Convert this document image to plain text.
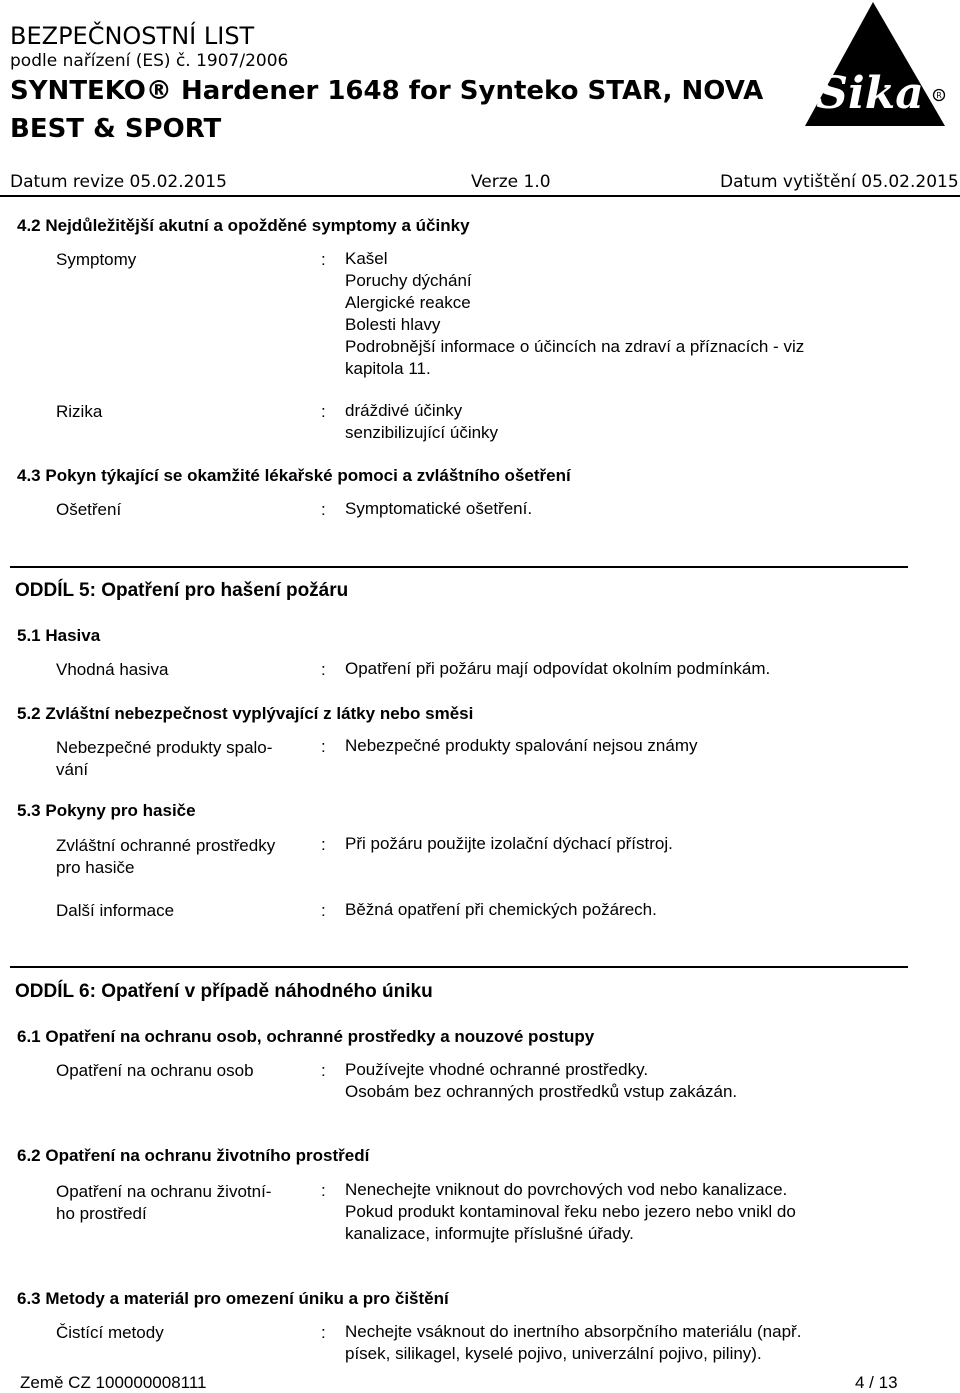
BEZPEČNOSTNÍ LIST
podle nařízení (ES) č. 1907/2006
SYNTEKO® Hardener 1648 for Synteko STAR, NOVA
BEST & SPORT
Sika R
Datum revize 05.02.2015	Verze 1.0	Datum vytištění 05.02.2015
4.2 Nejdůležitější akutní a opožděné symptomy a účinky
Symptomy	: Kašel
Poruchy dýchání
Alergické reakce
Bolesti hlavy
Podrobnější informace o účincích na zdraví a příznacích - viz
kapitola 11.
Rizika	: dráždivé účinky
senzibilizující účinky
4.3 Pokyn týkající se okamžité lékařské pomoci a zvláštního ošetření
Ošetření	: Symptomatické ošetření.
ODDÍL 5: Opatření pro hašení požáru
5.1 Hasiva
Vhodná hasiva	: Opatření při požáru mají odpovídat okolním podmínkám.
5.2 Zvláštní nebezpečnost vyplývající z látky nebo směsi
Nebezpečné produkty spalo-
vání
: Nebezpečné produkty spalování nejsou známy
5.3 Pokyny pro hasiče
Zvláštní ochranné prostředky
pro hasiče
: Při požáru použijte izolační dýchací přístroj.
Další informace	: Běžná opatření při chemických požárech.
ODDÍL 6: Opatření v případě náhodného úniku
6.1 Opatření na ochranu osob, ochranné prostředky a nouzové postupy
Opatření na ochranu osob	: Používejte vhodné ochranné prostředky.
Osobám bez ochranných prostředků vstup zakázán.
6.2 Opatření na ochranu životního prostředí
Opatření na ochranu životní-
ho prostředí
: Nenechejte vniknout do povrchových vod nebo kanalizace.
Pokud produkt kontaminoval řeku nebo jezero nebo vnikl do
kanalizace, informujte příslušné úřady.
6.3 Metody a materiál pro omezení úniku a pro čištění
Čistící metody	: Nechejte vsáknout do inertního absorpčního materiálu (např.
písek, silikagel, kyselé pojivo, univerzální pojivo, piliny).
Země CZ 100000008111	4 / 13
